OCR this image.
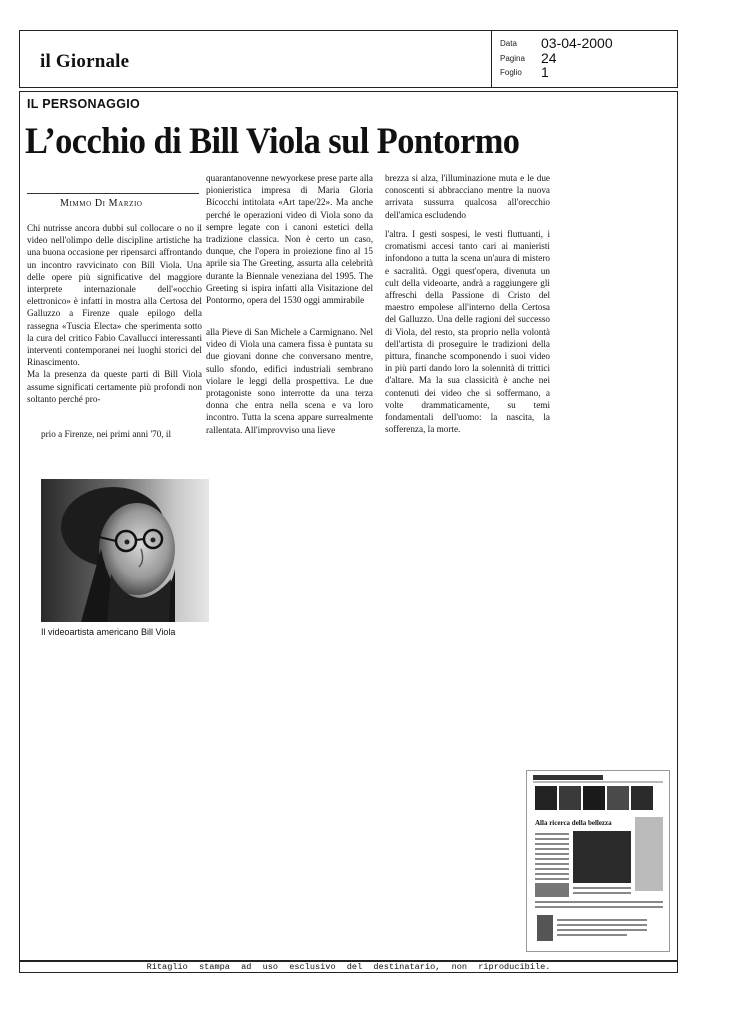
il Giornale
Data	03-04-2000
Pagina	24
Foglio	1
IL PERSONAGGIO
L’occhio di Bill Viola sul Pontormo
Mimmo Di Marzio

Chi nutrisse ancora dubbi sul collocare o no il video nell'olimpo delle discipline artistiche ha una buona occasione per ripensarci affrontando un incontro ravvicinato con Bill Viola. Una delle opere più significative del maggiore interprete internazionale dell'«occhio elettronico» è infatti in mostra alla Certosa del Galluzzo a Firenze quale epilogo della rassegna «Tuscia Electa» che sperimenta sotto la cura del critico Fabio Cavallucci interessanti interventi contemporanei nei luoghi storici del Rinascimento.

Ma la presenza da queste parti di Bill Viola assume significati certamente più profondi non soltanto perché pro-

prio a Firenze, nei primi anni '70, il

quarantanovenne newyorkese prese parte alla pionieristica impresa di Maria Gloria Bicocchi intitolata «Art tape/22». Ma anche perché le operazioni video di Viola sono da sempre legate con i canoni estetici della tradizione classica. Non è certo un caso, dunque, che l'opera in proiezione fino al 15 aprile sia The Greeting, assurta alla celebrità durante la Biennale veneziana del 1995. The Greeting si ispira infatti alla Visitazione del Pontormo, opera del 1530 oggi ammirabile

alla Pieve di San Michele a Carmignano. Nel video di Viola una camera fissa è puntata su due giovani donne che conversano mentre, sullo sfondo, edifici industriali sembrano violare le leggi della prospettiva. Le due protagoniste sono interrotte da una terza donna che entra nella scena e va loro incontro. Tutta la scena appare surrealmente rallentata. All'improvviso una lieve

brezza si alza, l'illuminazione muta e le due conoscenti si abbracciano mentre la nuova arrivata sussurra qualcosa all'orecchio dell'amica escludendo

l'altra. I gesti sospesi, le vesti fluttuanti, i cromatismi accesi tanto cari ai manieristi infondono a tutta la scena un'aura di mistero e sacralità. Oggi quest'opera, divenuta un cult della videoarte, andrà a raggiungere gli affreschi della Passione di Cristo del maestro empolese all'interno della Certosa del Galluzzo. Una delle ragioni del successo di Viola, del resto, sta proprio nella volontà dell'artista di proseguire le tradizioni della pittura, finanche scomponendo i suoi video in più parti dando loro la solennità di trittici d'altare. Ma la sua classicità è anche nei contenuti dei video che si soffermano, a volte drammaticamente, su temi fondamentali dell'uomo: la nascita, la sofferenza, la morte.

Il videoartista americano Bill Viola
Alla ricerca della bellezza
Ritaglio stampa ad uso esclusivo del destinatario, non riproducibile.
